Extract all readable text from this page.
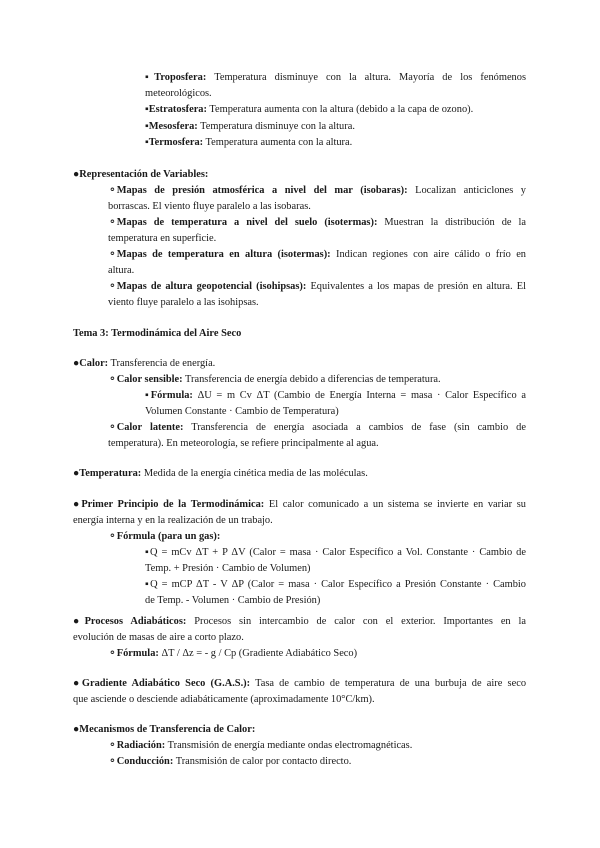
▪Troposfera: Temperatura disminuye con la altura. Mayoría de los fenómenos
meteorológicos.
▪Estratosfera: Temperatura aumenta con la altura (debido a la capa de ozono).
▪Mesosfera: Temperatura disminuye con la altura.
▪Termosfera: Temperatura aumenta con la altura.
●Representación de Variables:
⚬Mapas de presión atmosférica a nivel del mar (isobaras): Localizan anticiclones y
borrascas. El viento fluye paralelo a las isobaras.
⚬Mapas de temperatura a nivel del suelo (isotermas): Muestran la distribución de la
temperatura en superficie.
⚬Mapas de temperatura en altura (isotermas): Indican regiones con aire cálido o frío en
altura.
⚬Mapas de altura geopotencial (isohipsas): Equivalentes a los mapas de presión en altura. El
viento fluye paralelo a las isohipsas.
Tema 3: Termodinámica del Aire Seco
●Calor: Transferencia de energía.
⚬Calor sensible: Transferencia de energía debido a diferencias de temperatura.
▪Fórmula: ΔU = m Cv ΔT (Cambio de Energía Interna = masa · Calor Específico a
Volumen Constante · Cambio de Temperatura)
⚬Calor latente: Transferencia de energía asociada a cambios de fase (sin cambio de
temperatura). En meteorología, se refiere principalmente al agua.
●Temperatura: Medida de la energía cinética media de las moléculas.
●Primer Principio de la Termodinámica: El calor comunicado a un sistema se invierte en variar su
energía interna y en la realización de un trabajo.
⚬Fórmula (para un gas):
▪Q = mCv ΔT + P ΔV (Calor = masa · Calor Específico a Vol. Constante · Cambio de
Temp. + Presión · Cambio de Volumen)
▪Q = mCP ΔT - V ΔP (Calor = masa · Calor Específico a Presión Constante · Cambio
de Temp. - Volumen · Cambio de Presión)
●Procesos Adiabáticos: Procesos sin intercambio de calor con el exterior. Importantes en la
evolución de masas de aire a corto plazo.
⚬Fórmula: ΔT / Δz = - g / Cp (Gradiente Adiabático Seco)
●Gradiente Adiabático Seco (G.A.S.): Tasa de cambio de temperatura de una burbuja de aire seco
que asciende o desciende adiabáticamente (aproximadamente 10°C/km).
●Mecanismos de Transferencia de Calor:
⚬Radiación: Transmisión de energía mediante ondas electromagnéticas.
⚬Conducción: Transmisión de calor por contacto directo.
